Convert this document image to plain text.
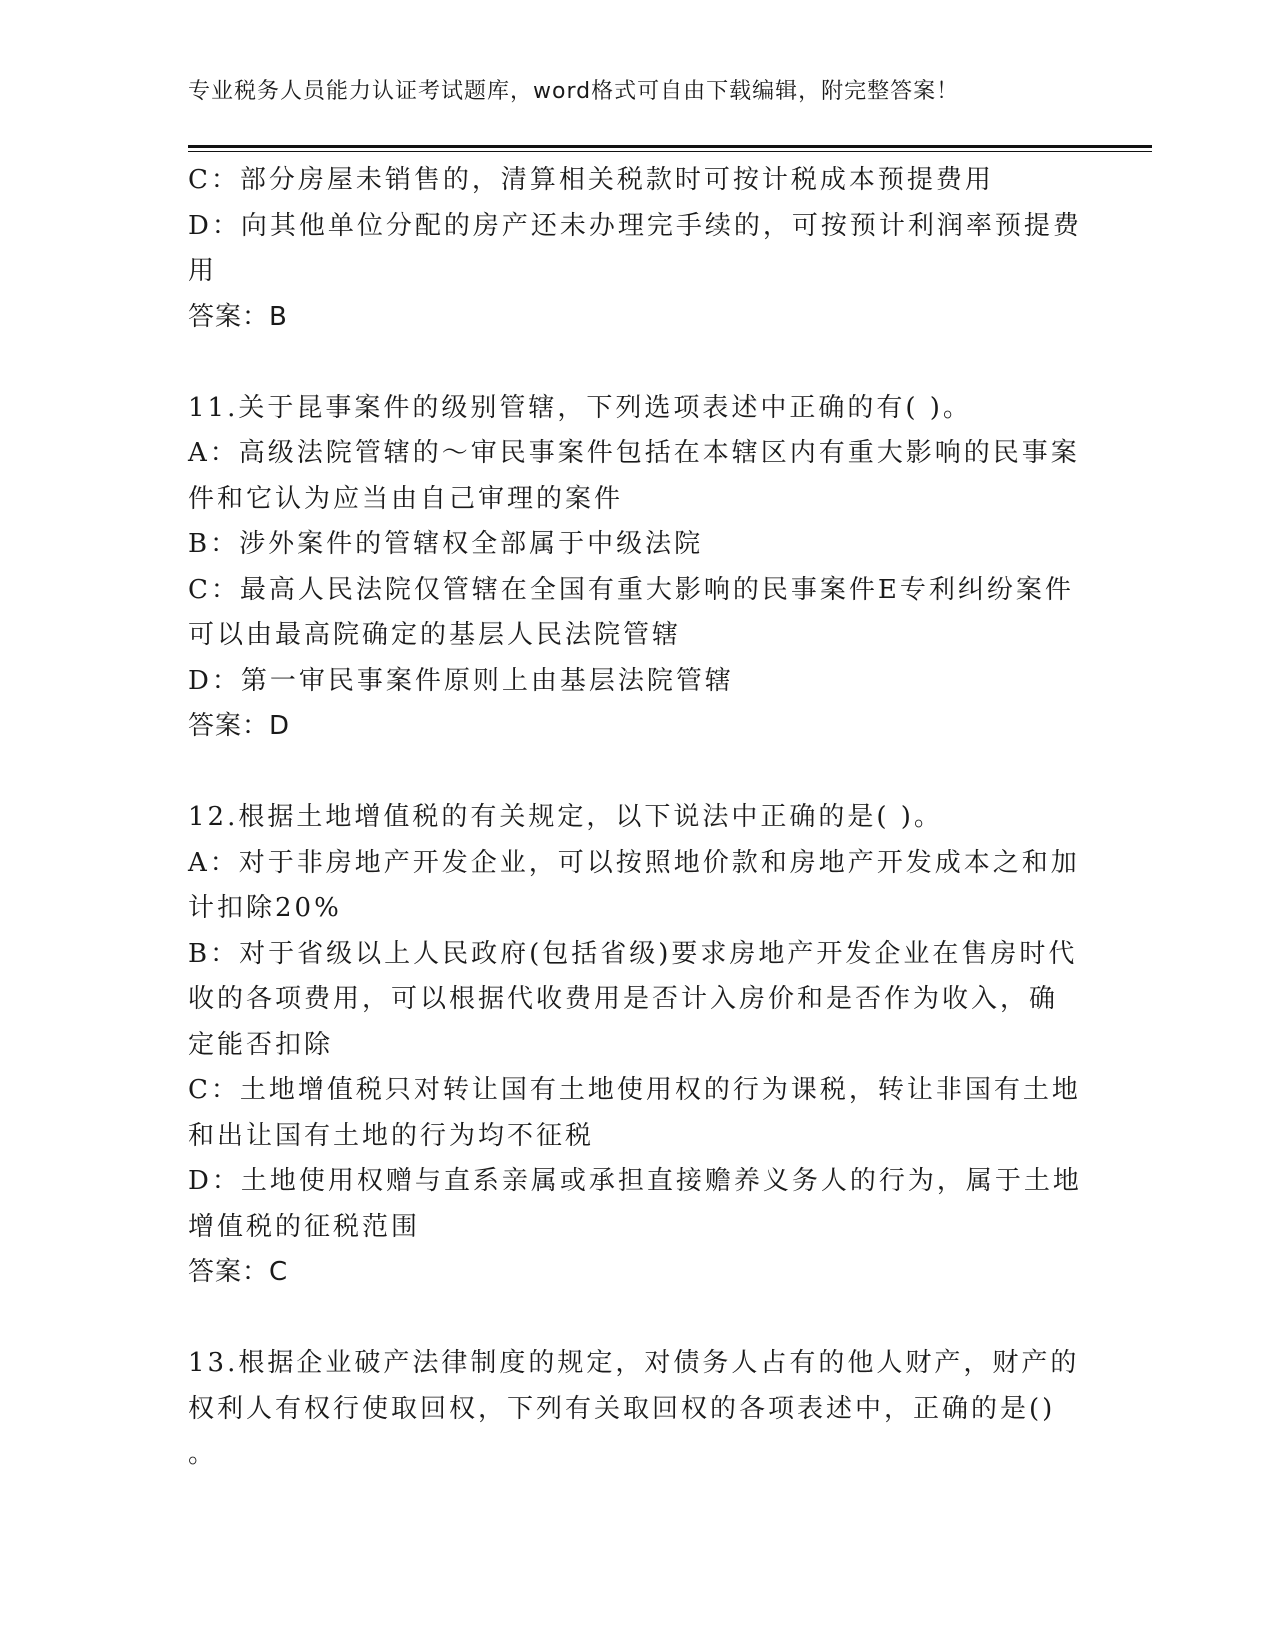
专业税务人员能力认证考试题库，word格式可自由下载编辑，附完整答案！
C：部分房屋未销售的，清算相关税款时可按计税成本预提费用
D：向其他单位分配的房产还未办理完手续的，可按预计利润率预提费
用
答案：B
11.关于昆事案件的级别管辖，下列选项表述中正确的有( )。
A：高级法院管辖的～审民事案件包括在本辖区内有重大影响的民事案
件和它认为应当由自己审理的案件
B：涉外案件的管辖权全部属于中级法院
C：最高人民法院仅管辖在全国有重大影响的民事案件E专利纠纷案件
可以由最高院确定的基层人民法院管辖
D：第一审民事案件原则上由基层法院管辖
答案：D
12.根据土地增值税的有关规定，以下说法中正确的是( )。
A：对于非房地产开发企业，可以按照地价款和房地产开发成本之和加
计扣除20%
B：对于省级以上人民政府(包括省级)要求房地产开发企业在售房时代
收的各项费用，可以根据代收费用是否计入房价和是否作为收入，确
定能否扣除
C：土地增值税只对转让国有土地使用权的行为课税，转让非国有土地
和出让国有土地的行为均不征税
D：土地使用权赠与直系亲属或承担直接赡养义务人的行为，属于土地
增值税的征税范围
答案：C
13.根据企业破产法律制度的规定，对债务人占有的他人财产，财产的
权利人有权行使取回权，下列有关取回权的各项表述中，正确的是()
。
